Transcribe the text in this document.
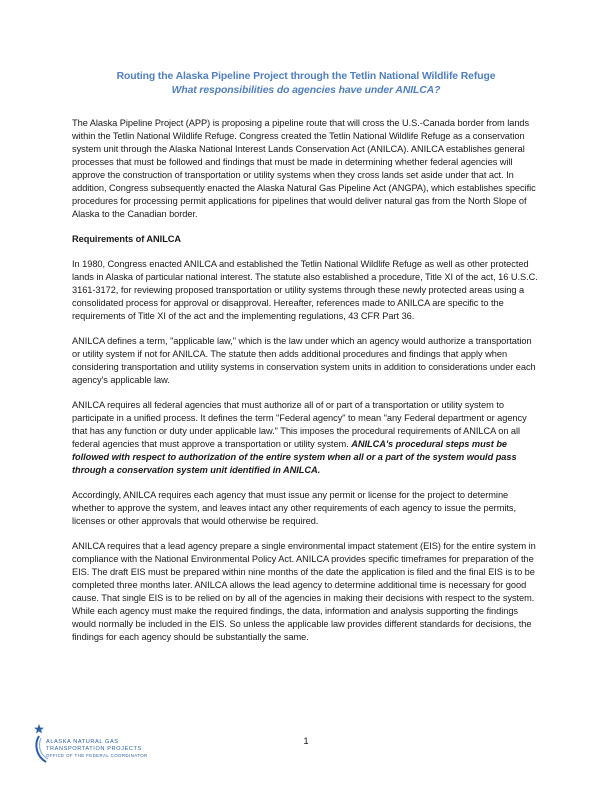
Routing the Alaska Pipeline Project through the Tetlin National Wildlife Refuge
What responsibilities do agencies have under ANILCA?

The Alaska Pipeline Project (APP) is proposing a pipeline route that will cross the U.S.-Canada border from lands within the Tetlin National Wildlife Refuge. Congress created the Tetlin National Wildlife Refuge as a conservation system unit through the Alaska National Interest Lands Conservation Act (ANILCA). ANILCA establishes general processes that must be followed and findings that must be made in determining whether federal agencies will approve the construction of transportation or utility systems when they cross lands set aside under that act. In addition, Congress subsequently enacted the Alaska Natural Gas Pipeline Act (ANGPA), which establishes specific procedures for processing permit applications for pipelines that would deliver natural gas from the North Slope of Alaska to the Canadian border.

Requirements of ANILCA

In 1980, Congress enacted ANILCA and established the Tetlin National Wildlife Refuge as well as other protected lands in Alaska of particular national interest. The statute also established a procedure, Title XI of the act, 16 U.S.C. 3161-3172, for reviewing proposed transportation or utility systems through these newly protected areas using a consolidated process for approval or disapproval. Hereafter, references made to ANILCA are specific to the requirements of Title XI of the act and the implementing regulations, 43 CFR Part 36.

ANILCA defines a term, "applicable law," which is the law under which an agency would authorize a transportation or utility system if not for ANILCA. The statute then adds additional procedures and findings that apply when considering transportation and utility systems in conservation system units in addition to considerations under each agency's applicable law.

ANILCA requires all federal agencies that must authorize all of or part of a transportation or utility system to participate in a unified process. It defines the term "Federal agency" to mean "any Federal department or agency that has any function or duty under applicable law." This imposes the procedural requirements of ANILCA on all federal agencies that must approve a transportation or utility system. ANILCA's procedural steps must be followed with respect to authorization of the entire system when all or a part of the system would pass through a conservation system unit identified in ANILCA.

Accordingly, ANILCA requires each agency that must issue any permit or license for the project to determine whether to approve the system, and leaves intact any other requirements of each agency to issue the permits, licenses or other approvals that would otherwise be required.

ANILCA requires that a lead agency prepare a single environmental impact statement (EIS) for the entire system in compliance with the National Environmental Policy Act. ANILCA provides specific timeframes for preparation of the EIS. The draft EIS must be prepared within nine months of the date the application is filed and the final EIS is to be completed three months later. ANILCA allows the lead agency to determine additional time is necessary for good cause. That single EIS is to be relied on by all of the agencies in making their decisions with respect to the system. While each agency must make the required findings, the data, information and analysis supporting the findings would normally be included in the EIS. So unless the applicable law provides different standards for decisions, the findings for each agency should be substantially the same.

ALASKA NATURAL GAS
TRANSPORTATION PROJECTS
OFFICE OF THE FEDERAL COORDINATOR
1
